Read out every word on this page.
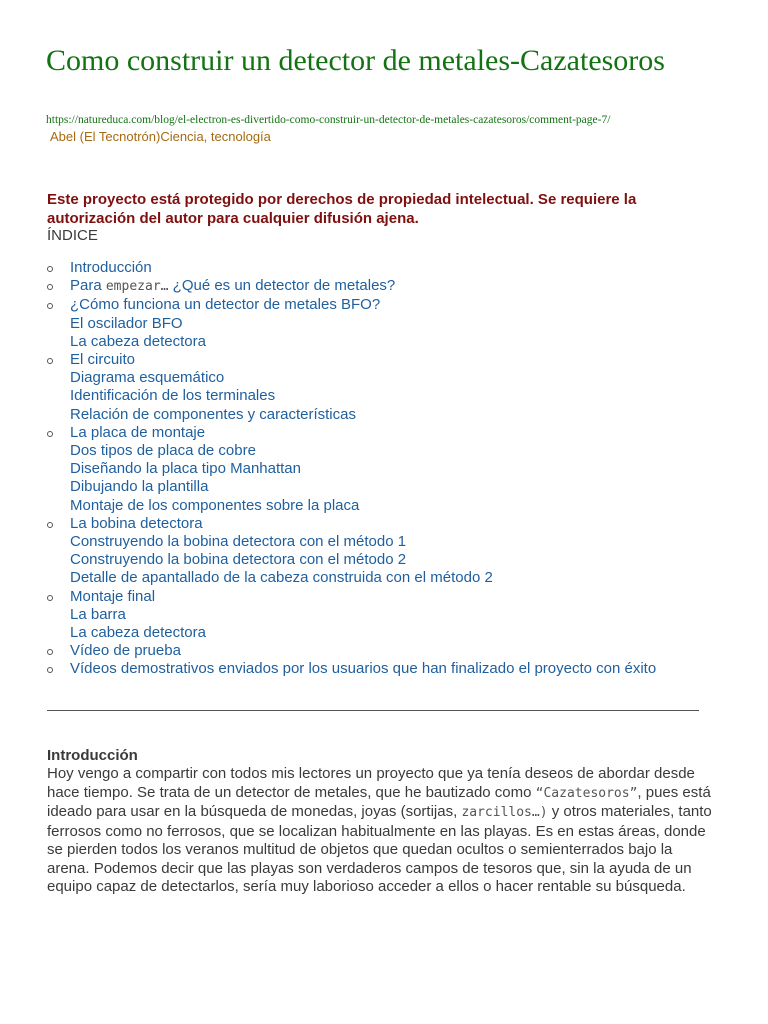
Como construir un detector de metales-Cazatesoros
https://natureduca.com/blog/el-electron-es-divertido-como-construir-un-detector-de-metales-cazatesoros/comment-page-7/
Abel (El Tecnotrón)Ciencia, tecnología
Este proyecto está protegido por derechos de propiedad intelectual. Se requiere la autorización del autor para cualquier difusión ajena.
ÍNDICE
Introducción
Para empezar… ¿Qué es un detector de metales?
¿Cómo funciona un detector de metales BFO?
El oscilador BFO
La cabeza detectora
El circuito
Diagrama esquemático
Identificación de los terminales
Relación de componentes y características
La placa de montaje
Dos tipos de placa de cobre
Diseñando la placa tipo Manhattan
Dibujando la plantilla
Montaje de los componentes sobre la placa
La bobina detectora
Construyendo la bobina detectora con el método 1
Construyendo la bobina detectora con el método 2
Detalle de apantallado de la cabeza construida con el método 2
Montaje final
La barra
La cabeza detectora
Vídeo de prueba
Vídeos demostrativos enviados por los usuarios que han finalizado el proyecto con éxito
Introducción
Hoy vengo a compartir con todos mis lectores un proyecto que ya tenía deseos de abordar desde hace tiempo. Se trata de un detector de metales, que he bautizado como “Cazatesoros”, pues está ideado para usar en la búsqueda de monedas, joyas (sortijas, zarcillos…) y otros materiales, tanto ferrosos como no ferrosos, que se localizan habitualmente en las playas. Es en estas áreas, donde se pierden todos los veranos multitud de objetos que quedan ocultos o semienterrados bajo la arena. Podemos decir que las playas son verdaderos campos de tesoros que, sin la ayuda de un equipo capaz de detectarlos, sería muy laborioso acceder a ellos o hacer rentable su búsqueda.
